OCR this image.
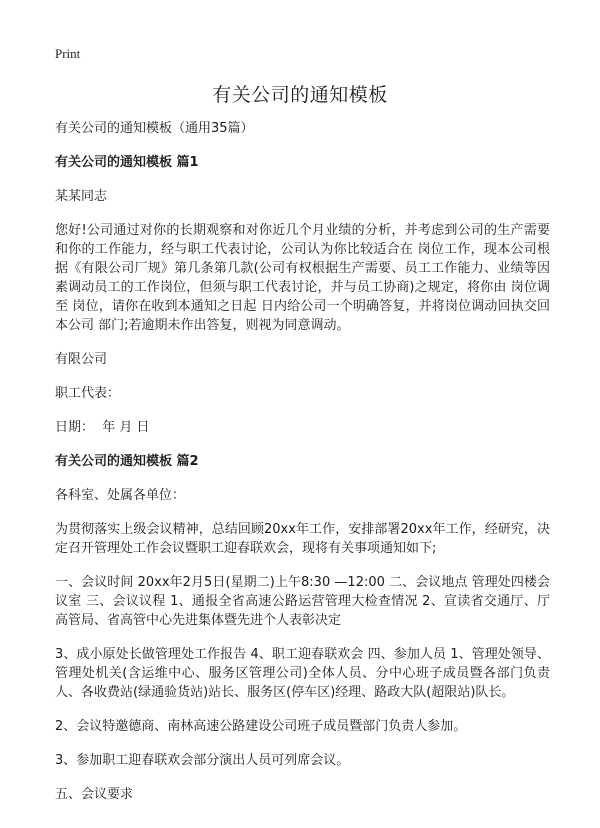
Print
有关公司的通知模板

有关公司的通知模板（通用35篇）

有关公司的通知模板 篇1

某某同志

您好!公司通过对你的长期观察和对你近几个月业绩的分析，并考虑到公司的生产需要和你的工作能力，经与职工代表讨论，公司认为你比较适合在 岗位工作，现本公司根据《有限公司厂规》第几条第几款(公司有权根据生产需要、员工工作能力、业绩等因素调动员工的工作岗位，但须与职工代表讨论，并与员工协商)之规定，将你由 岗位调至 岗位，请你在收到本通知之日起 日内给公司一个明确答复，并将岗位调动回执交回本公司 部门;若逾期未作出答复，则视为同意调动。

有限公司

职工代表：

日期：  年 月 日

有关公司的通知模板 篇2

各科室、处属各单位：

为贯彻落实上级会议精神，总结回顾20xx年工作，安排部署20xx年工作，经研究，决定召开管理处工作会议暨职工迎春联欢会，现将有关事项通知如下;

一、会议时间 20xx年2月5日(星期二)上午8:30 —12:00 二、会议地点 管理处四楼会议室 三、会议议程 1、通报全省高速公路运营管理大检查情况 2、宣读省交通厅、厅高管局、省高管中心先进集体暨先进个人表彰决定

3、成小原处长做管理处工作报告 4、职工迎春联欢会 四、参加人员 1、管理处领导、管理处机关(含运维中心、服务区管理公司)全体人员、分中心班子成员暨各部门负责人、各收费站(绿通验货站)站长、服务区(停车区)经理、路政大队(超限站)队长。

2、会议特邀德商、南林高速公路建设公司班子成员暨部门负责人参加。

3、参加职工迎春联欢会部分演出人员可列席会议。

五、会议要求
